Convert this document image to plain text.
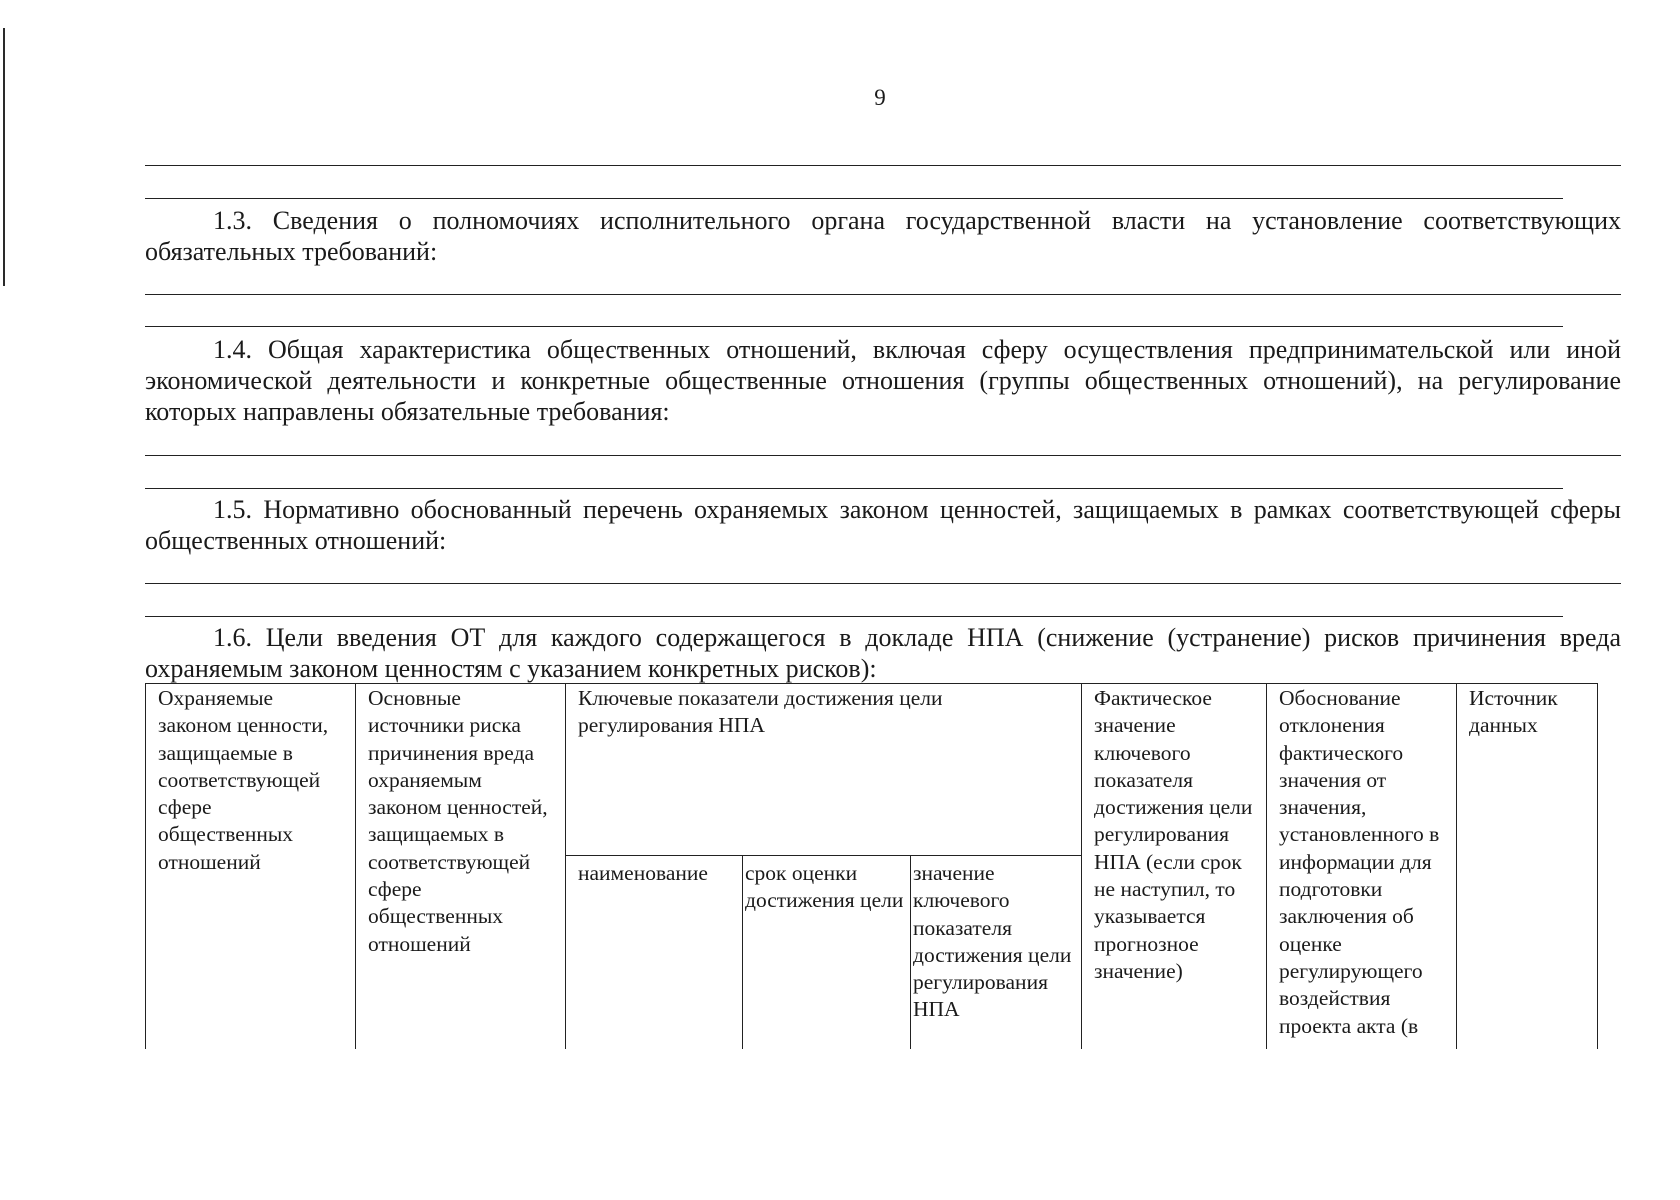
9
1.3. Сведения о полномочиях исполнительного органа государственной власти на установление соответствующих обязательных требований:
1.4. Общая характеристика общественных отношений, включая сферу осуществления предпринимательской или иной экономической деятельности и конкретные общественные отношения (группы общественных отношений), на регулирование которых направлены обязательные требования:
1.5. Нормативно обоснованный перечень охраняемых законом ценностей, защищаемых в рамках соответствующей сферы общественных отношений:
1.6. Цели введения ОТ для каждого содержащегося в докладе НПА (снижение (устранение) рисков причинения вреда охраняемым законом ценностям с указанием конкретных рисков):
Охраняемые законом ценности, защищаемые в соответствующей сфере общественных отношений	Основные источники риска причинения вреда охраняемым законом ценностей, защищаемых в соответствующей сфере общественных отношений	Ключевые показатели достижения цели регулирования НПА			Фактическое значение ключевого показателя достижения цели регулирования НПА (если срок не наступил, то указывается прогнозное значение)	Обоснование отклонения фактического значения от значения, установленного в информации для подготовки заключения об оценке регулирующего воздействия проекта акта (в	Источник данных
		наименование	срок оценки достижения цели	значение ключевого показателя достижения цели регулирования НПА			
